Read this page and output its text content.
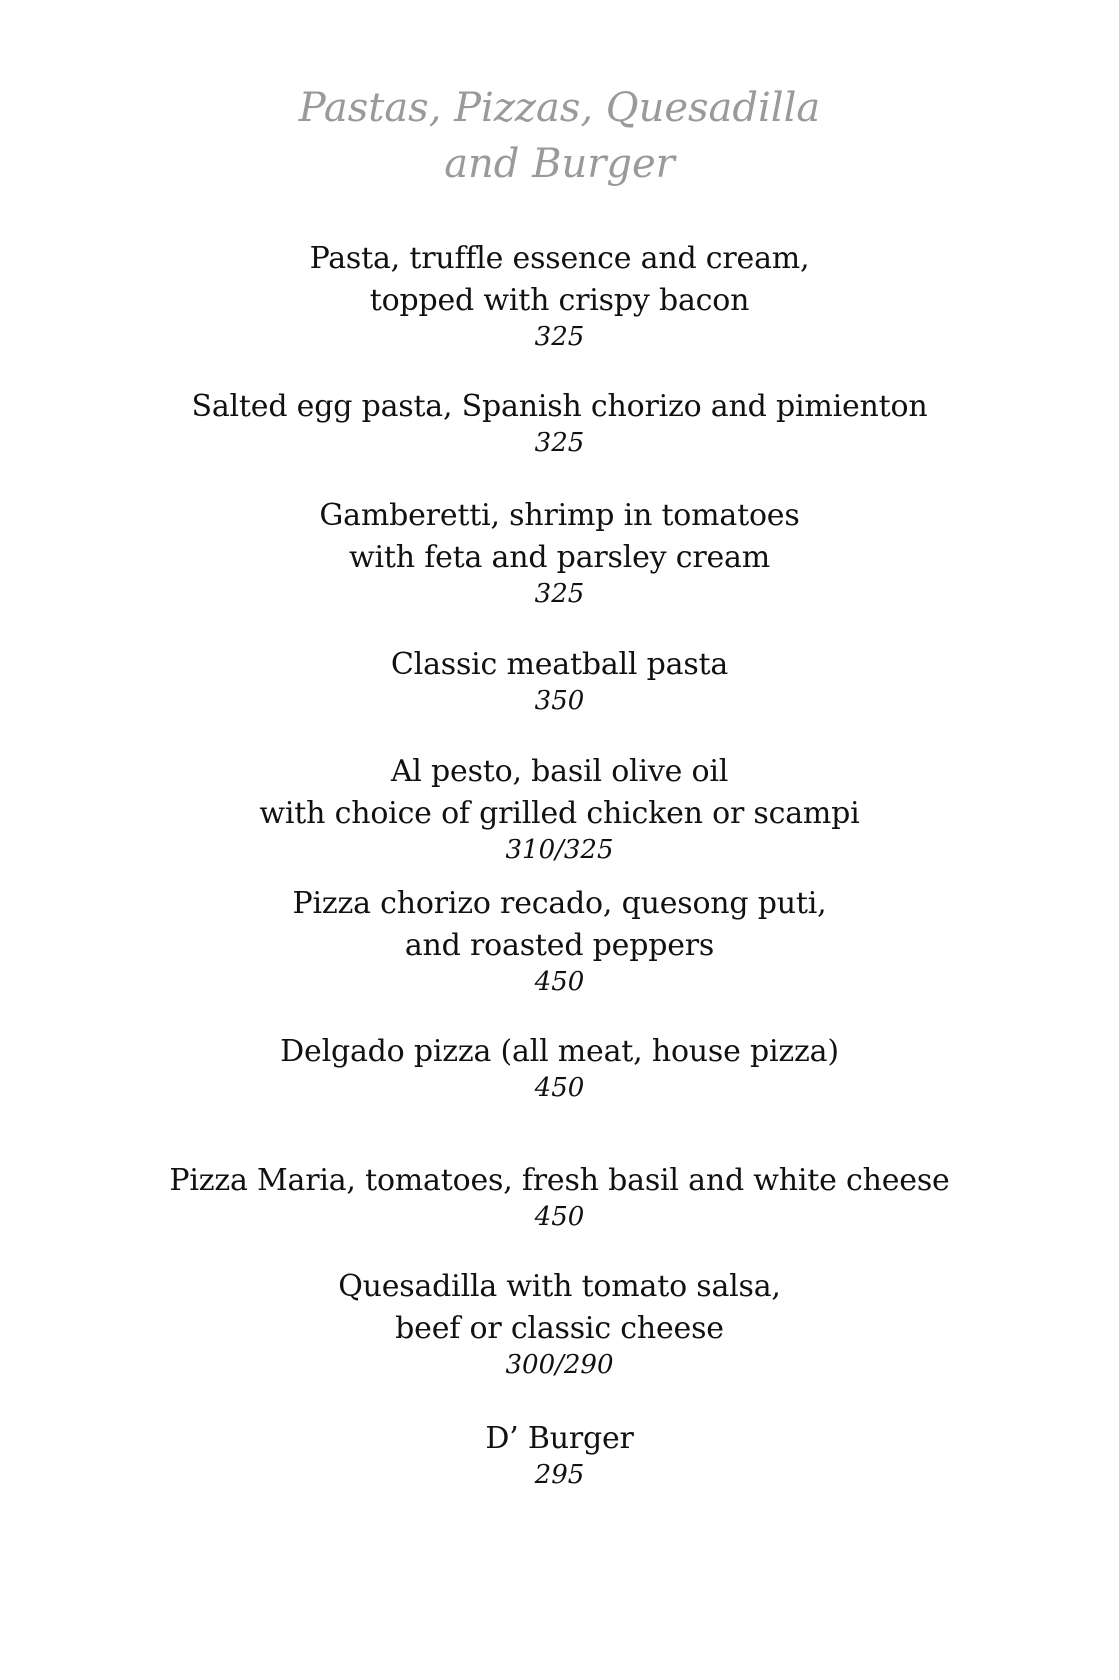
Pastas, Pizzas, Quesadilla
and Burger
Pasta, truffle essence and cream,
topped with crispy bacon
325
Salted egg pasta, Spanish chorizo and pimienton
325
Gamberetti, shrimp in tomatoes
with feta and parsley cream
325
Classic meatball pasta
350
Al pesto, basil olive oil
with choice of grilled chicken or scampi
310/325
Pizza chorizo recado, quesong puti,
and roasted peppers
450
Delgado pizza (all meat, house pizza)
450
Pizza Maria, tomatoes, fresh basil and white cheese
450
Quesadilla with tomato salsa,
beef or classic cheese
300/290
D’ Burger
295
